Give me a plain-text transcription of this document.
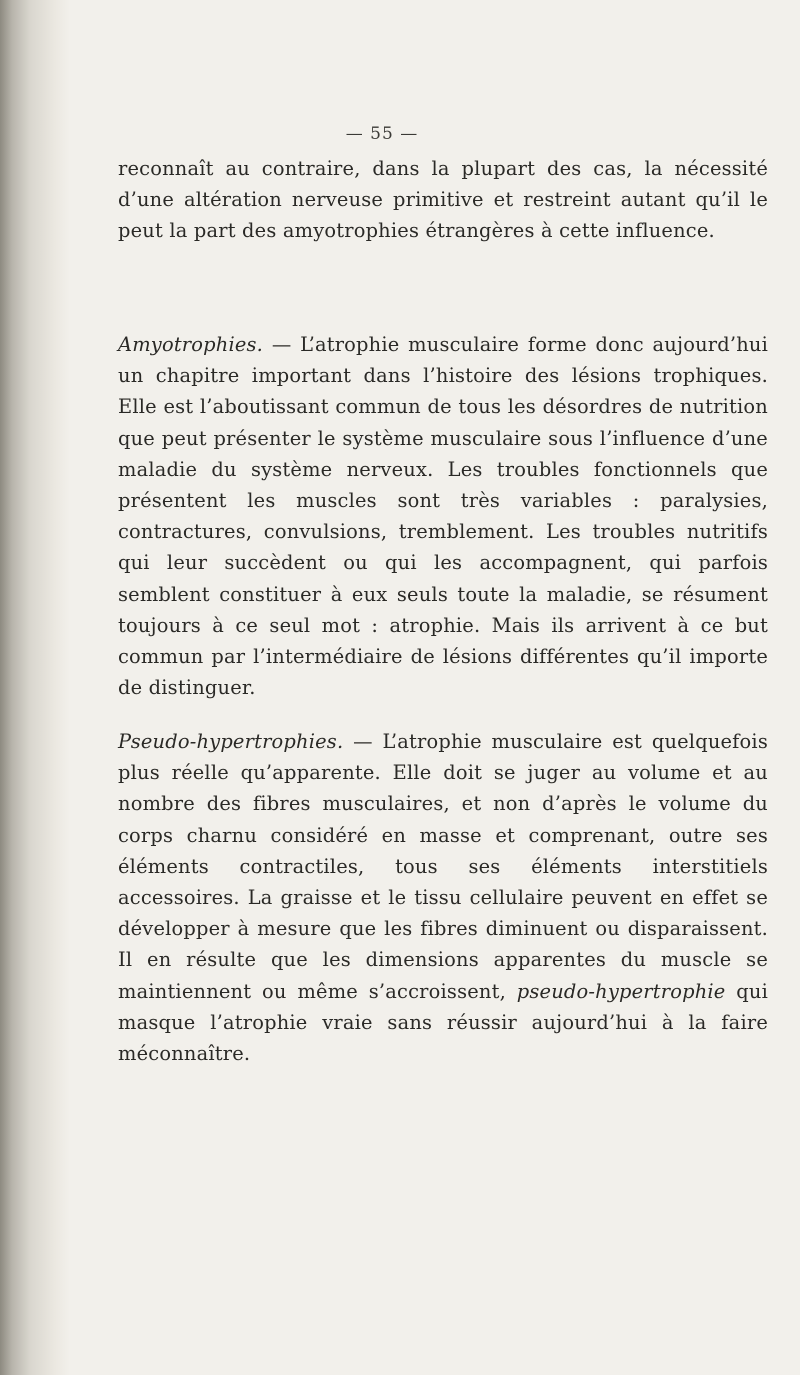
— 55 —

reconnaît au contraire, dans la plupart des cas, la nécessité d’une altération nerveuse primitive et restreint autant qu’il le peut la part des amyotrophies étrangères à cette influence.

Amyotrophies. — L’atrophie musculaire forme donc aujourd’hui un chapitre important dans l’histoire des lésions trophiques. Elle est l’aboutissant commun de tous les désordres de nutrition que peut présenter le système musculaire sous l’influence d’une maladie du système nerveux. Les troubles fonctionnels que présentent les muscles sont très variables : paralysies, contractures, convulsions, tremblement. Les troubles nutritifs qui leur succèdent ou qui les accompagnent, qui parfois semblent constituer à eux seuls toute la maladie, se résument toujours à ce seul mot : atrophie. Mais ils arrivent à ce but commun par l’intermédiaire de lésions différentes qu’il importe de distinguer.

Pseudo-hypertrophies. — L’atrophie musculaire est quelquefois plus réelle qu’apparente. Elle doit se juger au volume et au nombre des fibres musculaires, et non d’après le volume du corps charnu considéré en masse et comprenant, outre ses éléments contractiles, tous ses éléments interstitiels accessoires. La graisse et le tissu cellulaire peuvent en effet se développer à mesure que les fibres diminuent ou disparaissent. Il en résulte que les dimensions apparentes du muscle se maintiennent ou même s’accroissent, pseudo-hypertrophie qui masque l’atrophie vraie sans réussir aujourd’hui à la faire méconnaître.
